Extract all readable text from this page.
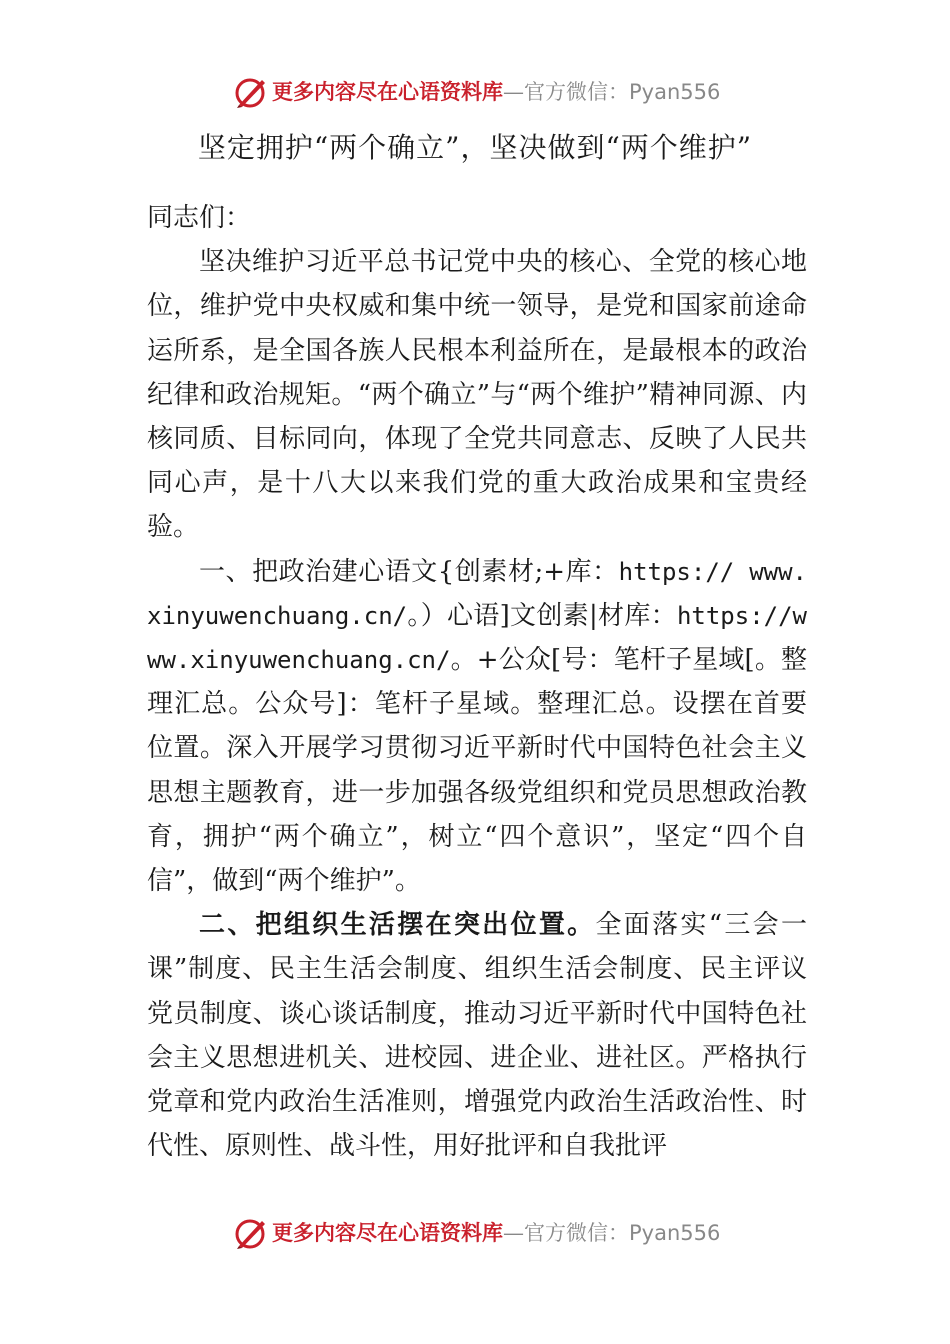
更多内容尽在心语资料库—官方微信：Pyan556
坚定拥护“两个确立”，坚决做到“两个维护”

同志们：

坚决维护习近平总书记党中央的核心、全党的核心地位，维护党中央权威和集中统一领导，是党和国家前途命运所系，是全国各族人民根本利益所在，是最根本的政治纪律和政治规矩。“两个确立”与“两个维护”精神同源、内核同质、目标同向，体现了全党共同意志、反映了人民共同心声，是十八大以来我们党的重大政治成果和宝贵经验。

一、把政治建心语文{创素材;+库：https:// www.xinyuwenchuang.cn/。）心语]文创素|材库：https://www.xinyuwenchuang.cn/。+公众[号：笔杆子星域[。整理汇总。公众号]：笔杆子星域。整理汇总。设摆在首要位置。深入开展学习贯彻习近平新时代中国特色社会主义思想主题教育，进一步加强各级党组织和党员思想政治教育，拥护“两个确立”，树立“四个意识”，坚定“四个自信”，做到“两个维护”。

二、把组织生活摆在突出位置。全面落实“三会一课”制度、民主生活会制度、组织生活会制度、民主评议党员制度、谈心谈话制度，推动习近平新时代中国特色社会主义思想进机关、进校园、进企业、进社区。严格执行党章和党内政治生活准则，增强党内政治生活政治性、时代性、原则性、战斗性，用好批评和自我批评

更多内容尽在心语资料库—官方微信：Pyan556
